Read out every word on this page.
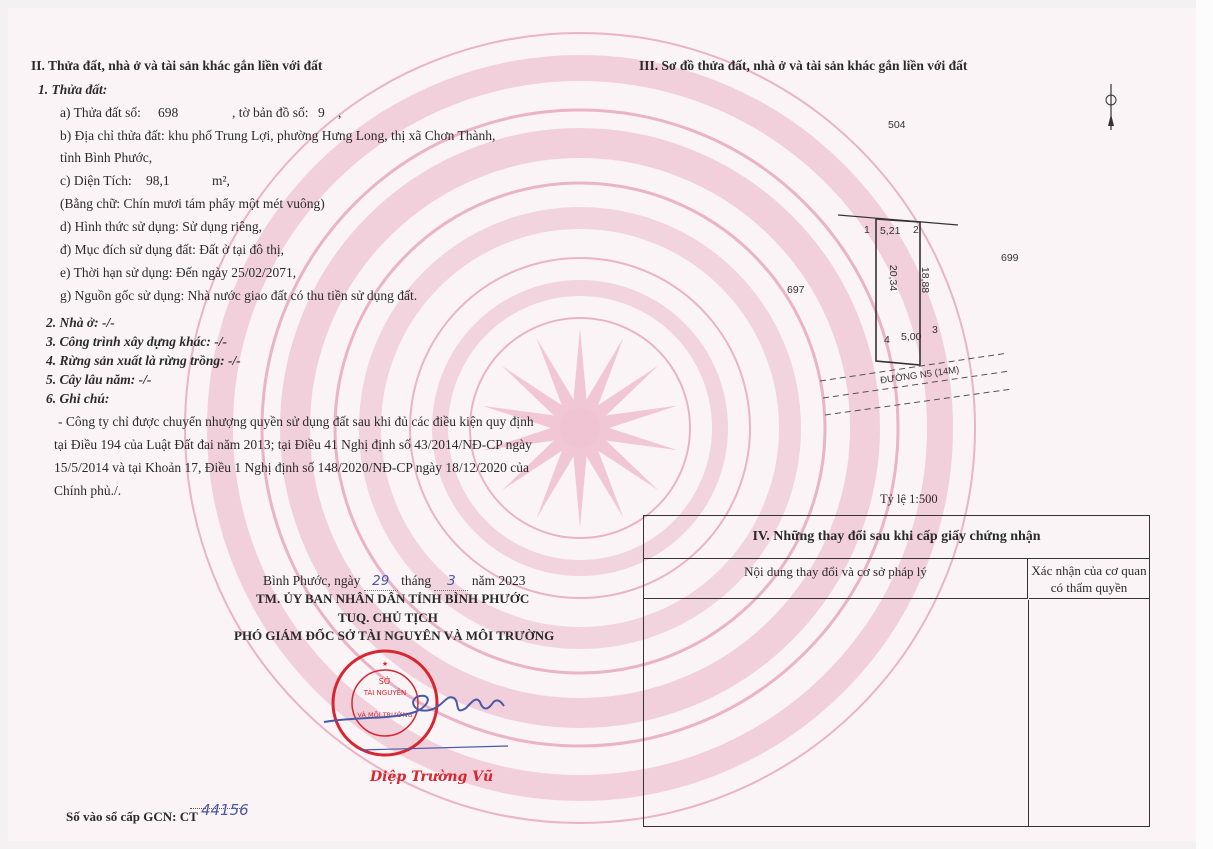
II. Thửa đất, nhà ở và tài sản khác gắn liền với đất
1. Thửa đất:
a) Thửa đất số: 698	, tờ bản đồ số: 9 ,
b) Địa chỉ thửa đất: khu phố Trung Lợi, phường Hưng Long, thị xã Chơn Thành,
tỉnh Bình Phước,
c) Diện Tích: 98,1	m²,
(Bằng chữ: Chín mươi tám phẩy một mét vuông)
d) Hình thức sử dụng: Sử dụng riêng,
đ) Mục đích sử dụng đất: Đất ở tại đô thị,
e) Thời hạn sử dụng: Đến ngày 25/02/2071,
g) Nguồn gốc sử dụng: Nhà nước giao đất có thu tiền sử dụng đất.
2. Nhà ở: -/-
3. Công trình xây dựng khác: -/-
4. Rừng sản xuất là rừng trồng: -/-
5. Cây lâu năm: -/-
6. Ghi chú:
- Công ty chỉ được chuyển nhượng quyền sử dụng đất sau khi đủ các điều kiện quy định
tại Điều 194 của Luật Đất đai năm 2013; tại Điều 41 Nghị định số 43/2014/NĐ-CP ngày
15/5/2014 và tại Khoản 17, Điều 1 Nghị định số 148/2020/NĐ-CP ngày 18/12/2020 của
Chính phủ./.
Bình Phước, ngày 29 tháng 3 năm 2023
TM. ỦY BAN NHÂN DÂN TỈNH BÌNH PHƯỚC
TUQ. CHỦ TỊCH
PHÓ GIÁM ĐỐC SỞ TÀI NGUYÊN VÀ MÔI TRƯỜNG
★
SỞ
TÀI NGUYÊN
VÀ MÔI TRƯỜNG
Diệp Trường Vũ
Số vào sổ cấp GCN: CT 44156
III. Sơ đồ thửa đất, nhà ở và tài sản khác gắn liền với đất
504
697
699
1	2
3
4
5,21
20,34 18,88
5,00
ĐƯỜNG N5 (14M)
Tỷ lệ 1:500
IV. Những thay đổi sau khi cấp giấy chứng nhận
Nội dung thay đổi và cơ sở pháp lý	Xác nhận của cơ quan
có thẩm quyền
